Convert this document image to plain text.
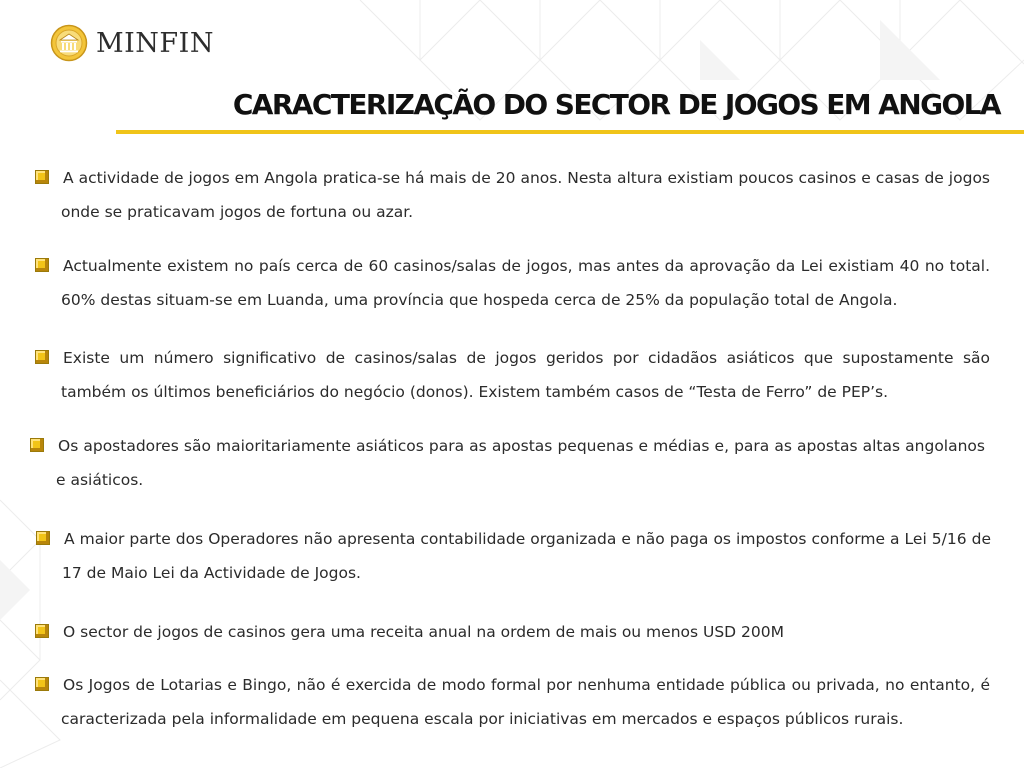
MINFIN
CARACTERIZAÇÃO DO SECTOR DE JOGOS EM ANGOLA

A actividade de jogos em Angola pratica-se há mais de 20 anos. Nesta altura existiam poucos casinos e casas de jogos onde se praticavam jogos de fortuna ou azar.

Actualmente existem no país cerca de 60 casinos/salas de jogos, mas antes da aprovação da Lei existiam 40 no total. 60% destas situam-se em Luanda, uma província que hospeda cerca de 25% da população total de Angola.

Existe um número significativo de casinos/salas de jogos geridos por cidadãos asiáticos que supostamente são também os últimos beneficiários do negócio (donos). Existem também casos de “Testa de Ferro” de PEP’s.

Os apostadores são maioritariamente asiáticos para as apostas pequenas e médias e, para as apostas altas angolanos e asiáticos.

A maior parte dos Operadores não apresenta contabilidade organizada e não paga os impostos conforme a Lei 5/16 de 17 de Maio Lei da Actividade de Jogos.

O sector de jogos de casinos gera uma receita anual na ordem de mais ou menos USD 200M

Os Jogos de Lotarias e Bingo, não é exercida de modo formal por nenhuma entidade pública ou privada, no entanto, é caracterizada pela informalidade em pequena escala por iniciativas em mercados e espaços públicos rurais.
